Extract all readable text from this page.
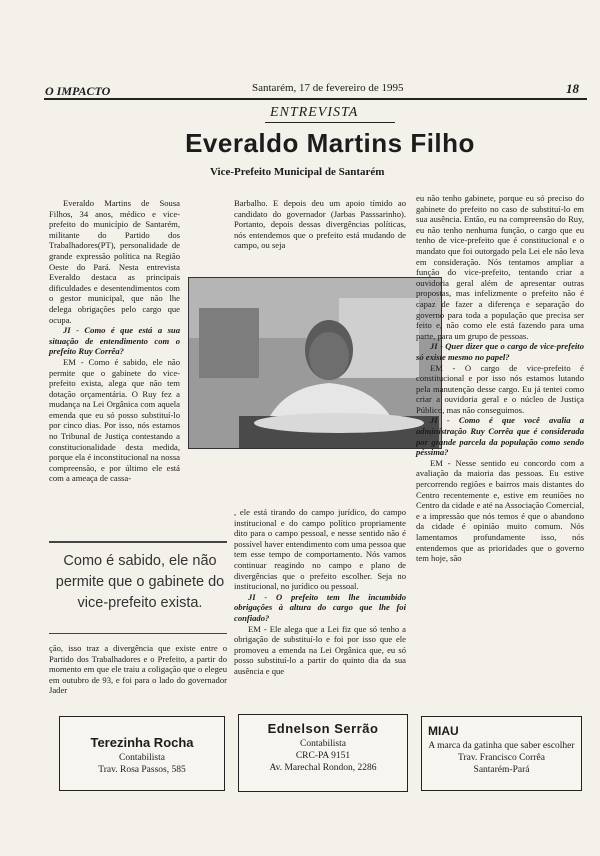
O IMPACTO	Santarém, 17 de fevereiro de 1995	18
ENTREVISTA
Everaldo Martins Filho
Vice-Prefeito Municipal de Santarém

Everaldo Martins de Sousa Filhos, 34 anos, médico e vice-prefeito do município de Santarém, militante do Partido dos Trabalhadores(PT), personalidade de grande expressão política na Região Oeste do Pará. Nesta entrevista Everaldo destaca as principais dificuldades e desentendimentos com o gestor municipal, que não lhe delega obrigações pelo cargo que ocupa.

JI - Como é que está a sua situação de entendimento com o prefeito Ruy Corrêa?

EM - Como é sabido, ele não permite que o gabinete do vice-prefeito exista, alega que não tem dotação orçamentária. O Ruy fez a mudança na Lei Orgânica com aquela emenda que eu só posso substituí-lo por cinco dias. Por isso, nós estamos no Tribunal de Justiça contestando a constitucionalidade desta medida, porque ela é inconstitucional na nossa compreensão, e por último ele está com a ameaça de cassa-

Como é sabido, ele não permite que o gabinete do vice-prefeito exista.

ção, isso traz a divergência que existe entre o Partido dos Trabalhadores e o Prefeito, a partir do momento em que ele traiu a coligação que o elegeu em outubro de 93, e foi para o lado do governador Jader

Barbalho. E depois deu um apoio tímido ao candidato do governador (Jarbas Passsarinho). Portanto, depois dessas divergências políticas, nós entendemos que o prefeito está mudando de campo, ou seja

, ele está tirando do campo jurídico, do campo institucional e do campo político propriamente dito para o campo pessoal, e nesse sentido não é possível haver entendimento com uma pessoa que tem esse tempo de comportamento. Nós vamos continuar reagindo no campo e plano de divergências que o prefeito escolher. Seja no institucional, no jurídico ou pessoal.

JI - O prefeito tem lhe incumbido obrigações à altura do cargo que lhe foi confiado?

EM - Ele alega que a Lei fiz que só tenho a obrigação de substituí-lo e foi por isso que ele promoveu a emenda na Lei Orgânica que, eu só posso substituí-lo a partir do quinto dia da sua ausência e que

eu não tenho gabinete, porque eu só preciso do gabinete do prefeito no caso de substituí-lo em sua ausência. Então, eu na compreensão do Ruy, eu não tenho nenhuma função, o cargo que eu tenho de vice-prefeito que é constitucional e o mandato que foi outorgado pela Lei ele não leva em consideração. Nós tentamos ampliar a função do vice-prefeito, tentando criar a ouvidoria geral além de apresentar outras propostas, mas infelizmente o prefeito não é capaz de fazer a diferença e separação do governo para toda a população que precisa ser feito e, não como ele está fazendo para uma parte, para um grupo de pessoas.

JI - Quer dizer que o cargo de vice-prefeito só existe mesmo no papel?

EM - O cargo de vice-prefeito é constitucional e por isso nós estamos lutando pela manutenção desse cargo. Eu já tentei como criar a ouvidoria geral e o núcleo de Justiça Público, mas não conseguimos.

JI - Como é que você avalia a administração Ruy Corrêa que é considerada por grande parcela da população como sendo péssima?

EM - Nesse sentido eu concordo com a avaliação da maioria das pessoas. Eu estive percorrendo regiões e bairros mais distantes do Centro recentemente e, estive em reuniões no Centro da cidade e até na Associação Comercial, e a impressão que nós temos é que o abandono da cidade é opinião muito comum. Nós lamentamos profundamente isso, nós entendemos que as prioridades que o governo tem hoje, são

Terezinha Rocha
Contabilista
Trav. Rosa Passos, 585
Ednelson Serrão
Contabilista
CRC-PA 9151
Av. Marechal Rondon, 2286
MIAU
A marca da gatinha que saber escolher
Trav. Francisco Corrêa
Santarém-Pará
